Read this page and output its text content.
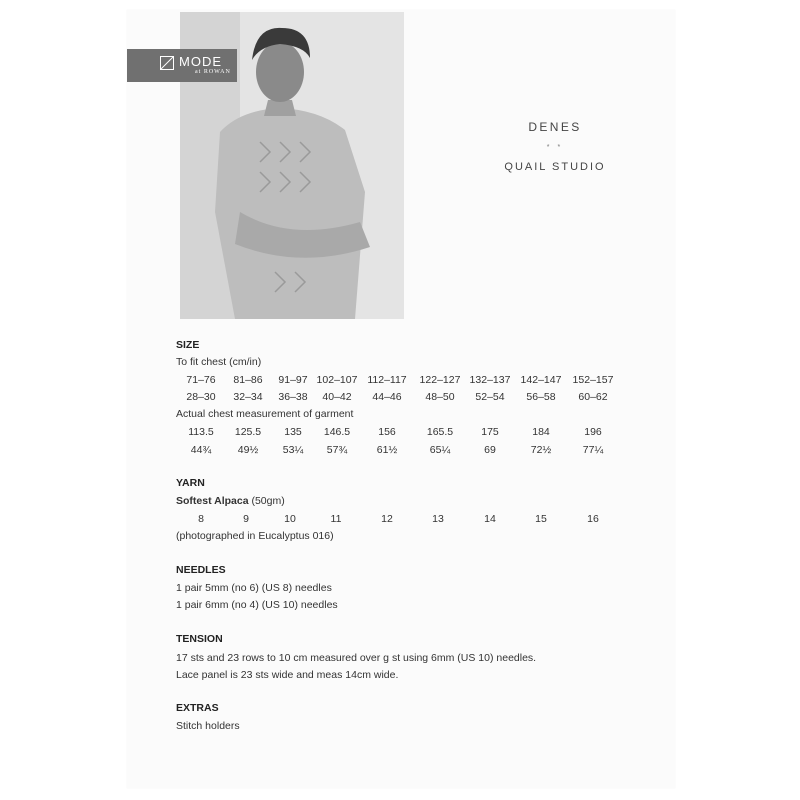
MODE
at ROWAN
DENES
* *
QUAIL STUDIO
SIZE
To fit chest (cm/in)
71–76	81–86	91–97 102–107 112–117	122–127 132–137 142–147	152–157
28–30	32–34	36–38	40–42	44–46	48–50	52–54	56–58	60–62
Actual chest measurement of garment
113.5	125.5	135	146.5	156	165.5	175	184	196
44¾	49½	53¼	57¾	61½	65¼	69	72½	77¼
YARN
Softest Alpaca (50gm)
8	9	10	11	12	13	14	15	16
(photographed in Eucalyptus 016)
NEEDLES
1 pair 5mm (no 6) (US 8) needles
1 pair 6mm (no 4) (US 10) needles
TENSION
17 sts and 23 rows to 10 cm measured over g st using 6mm (US 10) needles.
Lace panel is 23 sts wide and meas 14cm wide.
EXTRAS
Stitch holders
